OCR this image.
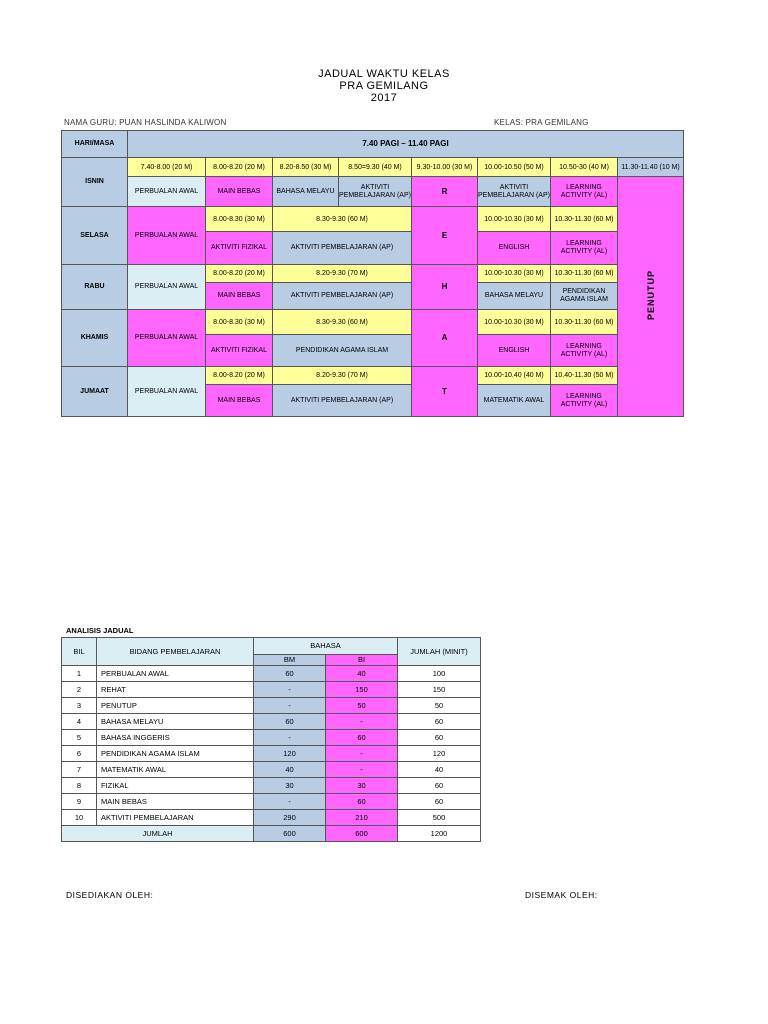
JADUAL WAKTU KELAS
PRA GEMILANG
2017
NAMA GURU: PUAN HASLINDA KALIWON	KELAS: PRA GEMILANG
HARI/MASA	7.40 PAGI – 11.40 PAGI							
ISNIN	7.40-8.00 (20 M)	8.00-8.20 (20 M)	8.20-8.50 (30 M)	8.50=9.30 (40 M)	9.30-10.00 (30 M)	10.00-10.50 (50 M)	10.50-30 (40 M)	11.30-11.40 (10 M)
	PERBUALAN AWAL	MAIN BEBAS	BAHASA MELAYU	AKTIVITI PEMBELAJARAN (AP)	R	AKTIVITI PEMBELAJARAN (AP)	LEARNING ACTIVITY (AL)	PENUTUP
SELASA	PERBUALAN AWAL	8.00-8.30 (30 M)	8.30-9.30 (60 M)		E	10.00-10.30 (30 M)	10.30-11.30 (60 M)	
		AKTIVITI FIZIKAL	AKTIVITI PEMBELAJARAN (AP)			ENGLISH	LEARNING ACTIVITY (AL)	
RABU	PERBUALAN AWAL	8.00-8.20 (20 M)	8.20-9.30 (70 M)		H	10.00-10.30 (30 M)	10.30-11.30 (60 M)	
		MAIN BEBAS	AKTIVITI PEMBELAJARAN (AP)			BAHASA MELAYU	PENDIDIKAN AGAMA ISLAM	
KHAMIS	PERBUALAN AWAL	8.00-8.30 (30 M)	8.30-9.30 (60 M)		A	10.00-10.30 (30 M)	10.30-11.30 (60 M)	
		AKTIVITI FIZIKAL	PENDIDIKAN AGAMA ISLAM			ENGLISH	LEARNING ACTIVITY (AL)	
JUMAAT	PERBUALAN AWAL	8.00-8.20 (20 M)	8.20-9.30 (70 M)		T	10.00-10.40 (40 M)	10.40-11.30 (50 M)	
		MAIN BEBAS	AKTIVITI PEMBELAJARAN (AP)			MATEMATIK AWAL	LEARNING ACTIVITY (AL)	
ANALISIS JADUAL
BIL	BIDANG PEMBELAJARAN	BAHASA		JUMLAH (MINIT)
		BM	BI	
1	PERBUALAN AWAL	60	40	100
2	REHAT	-	150	150
3	PENUTUP	-	50	50
4	BAHASA MELAYU	60	-	60
5	BAHASA INGGERIS	-	60	60
6	PENDIDIKAN AGAMA ISLAM	120	-	120
7	MATEMATIK AWAL	40	-	40
8	FIZIKAL	30	30	60
9	MAIN BEBAS	-	60	60
10	AKTIVITI PEMBELAJARAN	290	210	500
JUMLAH		600	600	1200
DISEDIAKAN OLEH:	DISEMAK OLEH:
